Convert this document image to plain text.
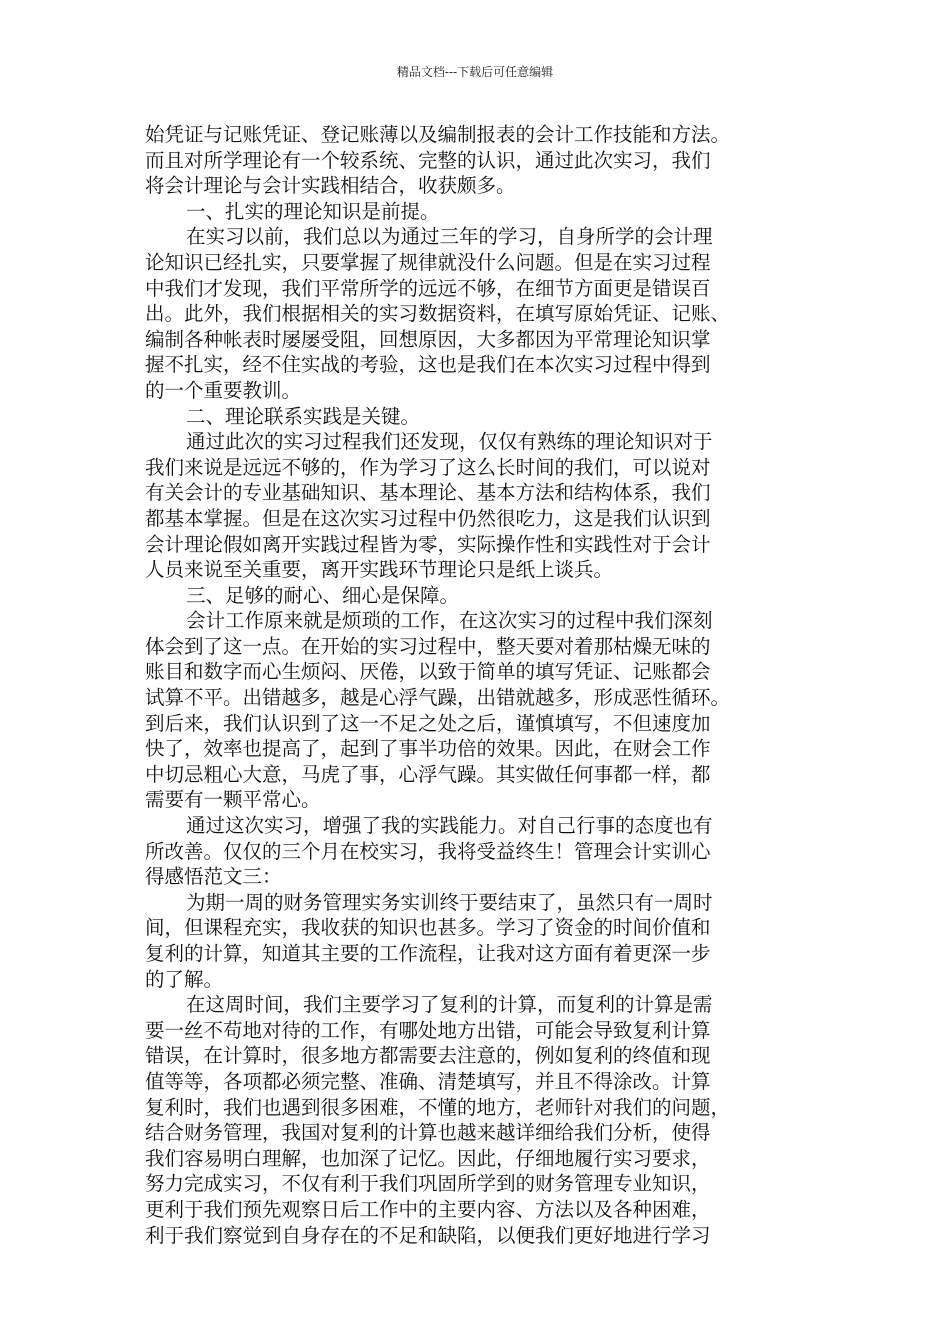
精品文档---下载后可任意编辑
始凭证与记账凭证、登记账薄以及编制报表的会计工作技能和方法。
而且对所学理论有一个较系统、完整的认识，通过此次实习，我们
将会计理论与会计实践相结合，收获颇多。
一、扎实的理论知识是前提。
在实习以前，我们总以为通过三年的学习，自身所学的会计理
论知识已经扎实，只要掌握了规律就没什么问题。但是在实习过程
中我们才发现，我们平常所学的远远不够，在细节方面更是错误百
出。此外，我们根据相关的实习数据资料，在填写原始凭证、记账、
编制各种帐表时屡屡受阻，回想原因，大多都因为平常理论知识掌
握不扎实，经不住实战的考验，这也是我们在本次实习过程中得到
的一个重要教训。
二、理论联系实践是关键。
通过此次的实习过程我们还发现，仅仅有熟练的理论知识对于
我们来说是远远不够的，作为学习了这么长时间的我们，可以说对
有关会计的专业基础知识、基本理论、基本方法和结构体系，我们
都基本掌握。但是在这次实习过程中仍然很吃力，这是我们认识到
会计理论假如离开实践过程皆为零，实际操作性和实践性对于会计
人员来说至关重要，离开实践环节理论只是纸上谈兵。
三、足够的耐心、细心是保障。
会计工作原来就是烦琐的工作，在这次实习的过程中我们深刻
体会到了这一点。在开始的实习过程中，整天要对着那枯燥无味的
账目和数字而心生烦闷、厌倦，以致于简单的填写凭证、记账都会
试算不平。出错越多，越是心浮气躁，出错就越多，形成恶性循环。
到后来，我们认识到了这一不足之处之后，谨慎填写，不但速度加
快了，效率也提高了，起到了事半功倍的效果。因此，在财会工作
中切忌粗心大意，马虎了事，心浮气躁。其实做任何事都一样，都
需要有一颗平常心。
通过这次实习，增强了我的实践能力。对自己行事的态度也有
所改善。仅仅的三个月在校实习，我将受益终生！管理会计实训心
得感悟范文三：
为期一周的财务管理实务实训终于要结束了，虽然只有一周时
间，但课程充实，我收获的知识也甚多。学习了资金的时间价值和
复利的计算，知道其主要的工作流程，让我对这方面有着更深一步
的了解。
在这周时间，我们主要学习了复利的计算，而复利的计算是需
要一丝不苟地对待的工作，有哪处地方出错，可能会导致复利计算
错误，在计算时，很多地方都需要去注意的，例如复利的终值和现
值等等，各项都必须完整、准确、清楚填写，并且不得涂改。计算
复利时，我们也遇到很多困难，不懂的地方，老师针对我们的问题，
结合财务管理，我国对复利的计算也越来越详细给我们分析，使得
我们容易明白理解，也加深了记忆。因此，仔细地履行实习要求，
努力完成实习，不仅有利于我们巩固所学到的财务管理专业知识，
更利于我们预先观察日后工作中的主要内容、方法以及各种困难，
利于我们察觉到自身存在的不足和缺陷，以便我们更好地进行学习
